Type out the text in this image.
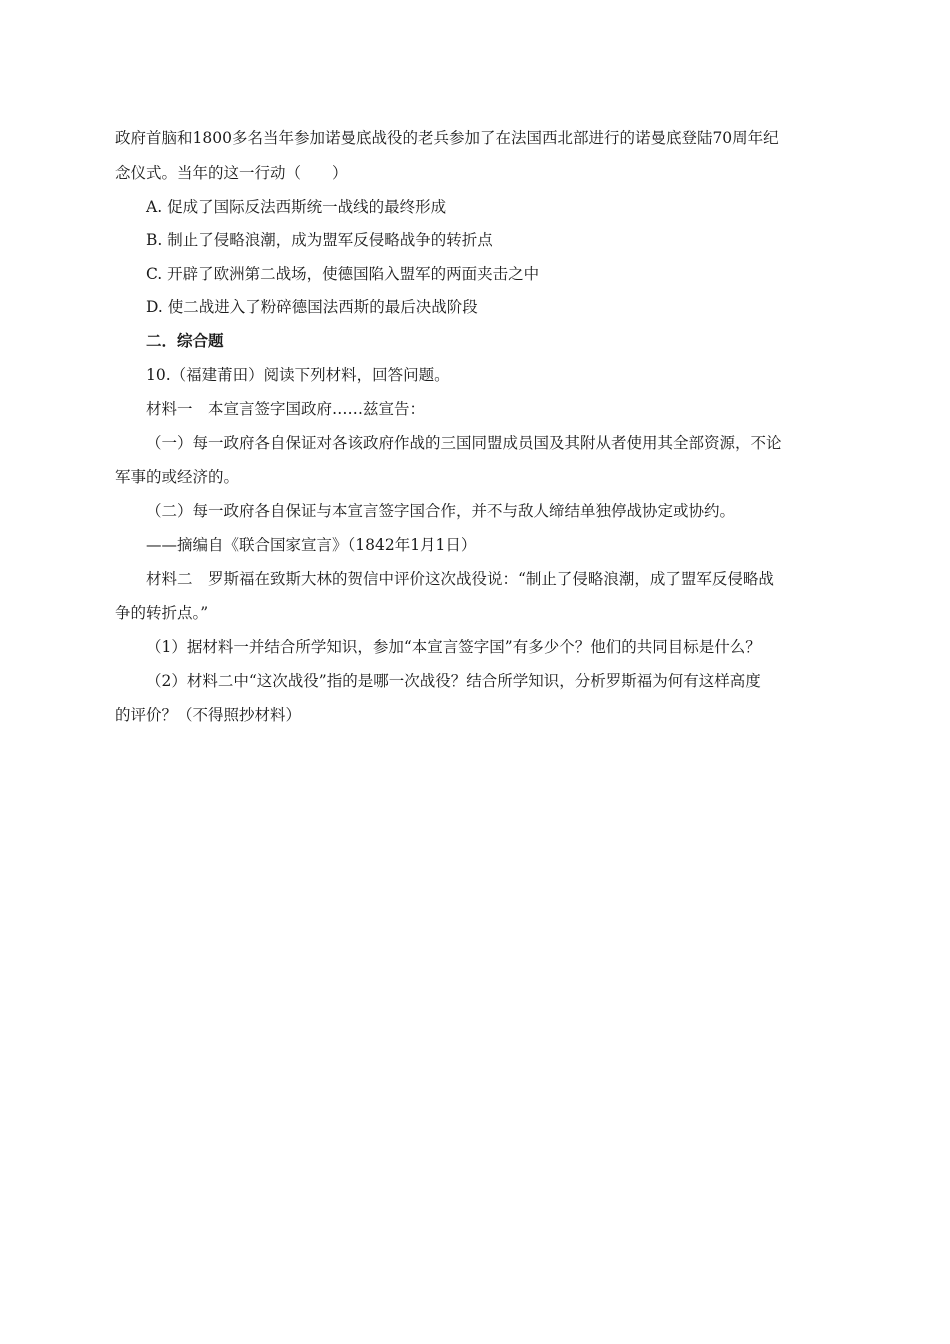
政府首脑和1800多名当年参加诺曼底战役的老兵参加了在法国西北部进行的诺曼底登陆70周年纪
念仪式。当年的这一行动（　　）
A. 促成了国际反法西斯统一战线的最终形成
B. 制止了侵略浪潮，成为盟军反侵略战争的转折点
C. 开辟了欧洲第二战场，使德国陷入盟军的两面夹击之中
D. 使二战进入了粉碎德国法西斯的最后决战阶段
二．综合题
10.（福建莆田）阅读下列材料，回答问题。
材料一　本宣言签字国政府……兹宣告：
（一）每一政府各自保证对各该政府作战的三国同盟成员国及其附从者使用其全部资源，不论
军事的或经济的。
（二）每一政府各自保证与本宣言签字国合作，并不与敌人缔结单独停战协定或协约。
——摘编自《联合国家宣言》（1842年1月1日）
材料二　罗斯福在致斯大林的贺信中评价这次战役说：“制止了侵略浪潮，成了盟军反侵略战
争的转折点。”
（1）据材料一并结合所学知识，参加“本宣言签字国”有多少个？他们的共同目标是什么？
（2）材料二中“这次战役”指的是哪一次战役？结合所学知识，分析罗斯福为何有这样高度
的评价？（不得照抄材料）
